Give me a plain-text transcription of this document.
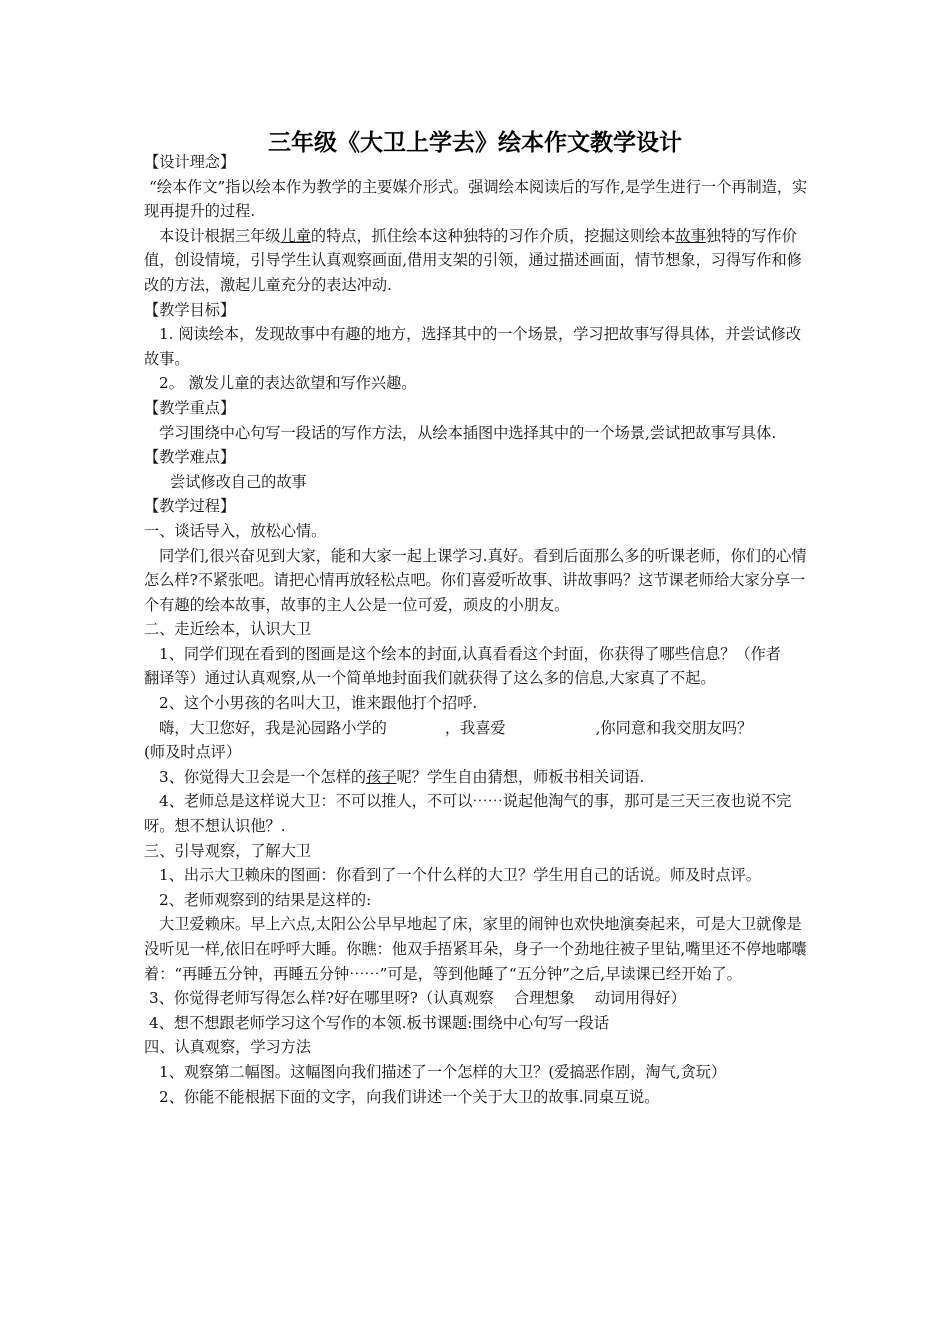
三年级《大卫上学去》绘本作文教学设计

【设计理念】

“绘本作文”指以绘本作为教学的主要媒介形式。强调绘本阅读后的写作,是学生进行一个再制造，实现再提升的过程.

本设计根据三年级儿童的特点，抓住绘本这种独特的习作介质，挖掘这则绘本故事独特的写作价值，创设情境，引导学生认真观察画面,借用支架的引领，通过描述画面，情节想象，习得写作和修改的方法，激起儿童充分的表达冲动.

【教学目标】

1. 阅读绘本，发现故事中有趣的地方，选择其中的一个场景，学习把故事写得具体，并尝试修改故事。

2。 激发儿童的表达欲望和写作兴趣。

【教学重点】

学习围绕中心句写一段话的写作方法，从绘本插图中选择其中的一个场景,尝试把故事写具体.

【教学难点】

尝试修改自己的故事

【教学过程】

一、谈话导入，放松心情。

同学们,很兴奋见到大家，能和大家一起上课学习.真好。看到后面那么多的听课老师，你们的心情怎么样?不紧张吧。请把心情再放轻松点吧。你们喜爱听故事、讲故事吗？这节课老师给大家分享一个有趣的绘本故事，故事的主人公是一位可爱，顽皮的小朋友。

二、走近绘本，认识大卫

1、同学们现在看到的图画是这个绘本的封面,认真看看这个封面，你获得了哪些信息？（作者　 翻译等）通过认真观察,从一个简单地封面我们就获得了这么多的信息,大家真了不起。

2、这个小男孩的名叫大卫，谁来跟他打个招呼.

嗨，大卫您好，我是沁园路小学的	，我喜爱	,你同意和我交朋友吗？
(师及时点评）

3、你觉得大卫会是一个怎样的孩子呢？学生自由猜想，师板书相关词语.

4、老师总是这样说大卫：不可以推人，不可以⋯⋯说起他淘气的事，那可是三天三夜也说不完呀。想不想认识他？.

三、引导观察，了解大卫

1、出示大卫赖床的图画：你看到了一个什么样的大卫？学生用自己的话说。师及时点评。

2、老师观察到的结果是这样的:

大卫爱赖床。早上六点,太阳公公早早地起了床，家里的闹钟也欢快地演奏起来，可是大卫就像是没听见一样,依旧在呼呼大睡。你瞧：他双手捂紧耳朵，身子一个劲地往被子里钻,嘴里还不停地嘟囔着：“再睡五分钟，再睡五分钟⋯⋯”可是，等到他睡了“五分钟”之后,早读课已经开始了。

3、你觉得老师写得怎么样?好在哪里呀?（认真观察　 合理想象　 动词用得好）

4、想不想跟老师学习这个写作的本领.板书课题:围绕中心句写一段话

四、认真观察，学习方法

1、观察第二幅图。这幅图向我们描述了一个怎样的大卫？(爱搞恶作剧，淘气,贪玩）

2、你能不能根据下面的文字，向我们讲述一个关于大卫的故事.同桌互说。
